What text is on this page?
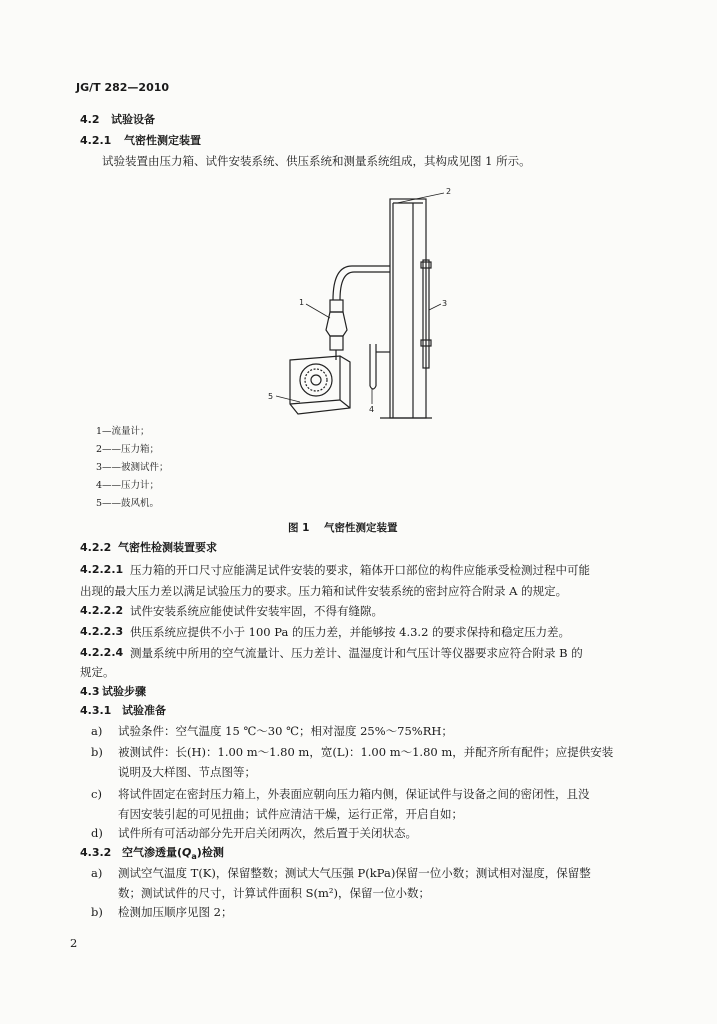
JG/T 282—2010
4.2 试验设备
4.2.1 气密性测定装置
试验装置由压力箱、试件安装系统、供压系统和测量系统组成，其构成见图 1 所示。
1
2
3
4
5
1—流量计；
2——压力箱；
3——被测试件；
4——压力计；
5——鼓风机。
图 1 气密性测定装置
4.2.2 气密性检测装置要求
4.2.2.1 压力箱的开口尺寸应能满足试件安装的要求，箱体开口部位的构件应能承受检测过程中可能
出现的最大压力差以满足试验压力的要求。压力箱和试件安装系统的密封应符合附录 A 的规定。
4.2.2.2 试件安装系统应能使试件安装牢固，不得有缝隙。
4.2.2.3 供压系统应提供不小于 100 Pa 的压力差，并能够按 4.3.2 的要求保持和稳定压力差。
4.2.2.4 测量系统中所用的空气流量计、压力差计、温湿度计和气压计等仪器要求应符合附录 B 的
规定。
4.3 试验步骤
4.3.1 试验准备
a) 试验条件：空气温度 15 ℃～30 ℃；相对湿度 25%～75%RH；
b) 被测试件：长(H)：1.00 m～1.80 m，宽(L)：1.00 m～1.80 m，并配齐所有配件；应提供安装
说明及大样图、节点图等；
c) 将试件固定在密封压力箱上，外表面应朝向压力箱内侧，保证试件与设备之间的密闭性，且没
有因安装引起的可见扭曲；试件应清洁干燥，运行正常，开启自如；
d) 试件所有可活动部分先开启关闭两次，然后置于关闭状态。
4.3.2 空气渗透量$(Q_a)$检测
a) 测试空气温度 T(K)，保留整数；测试大气压强 P(kPa)保留一位小数；测试相对湿度，保留整
数；测试试件的尺寸，计算试件面积 S(m²)，保留一位小数；
b) 检测加压顺序见图 2；
2
